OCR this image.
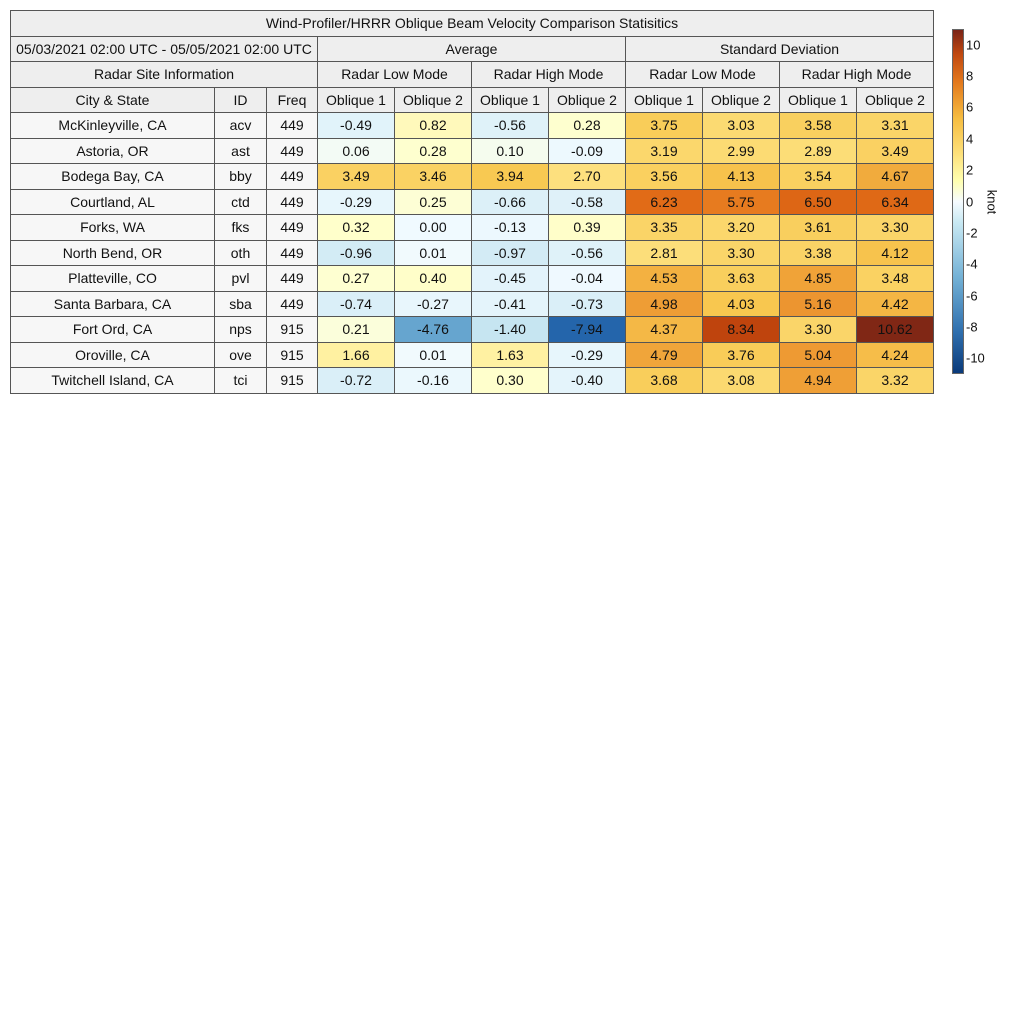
Wind-Profiler/HRRR Oblique Beam Velocity Comparison Statisitics										
05/03/2021 02:00 UTC - 05/05/2021 02:00 UTC			Average				Standard Deviation			
Radar Site Information			Radar Low Mode		Radar High Mode		Radar Low Mode		Radar High Mode	
City & State	ID	Freq	Oblique 1	Oblique 2	Oblique 1	Oblique 2	Oblique 1	Oblique 2	Oblique 1	Oblique 2
McKinleyville, CA	acv	449	-0.49	0.82	-0.56	0.28	3.75	3.03	3.58	3.31
Astoria, OR	ast	449	0.06	0.28	0.10	-0.09	3.19	2.99	2.89	3.49
Bodega Bay, CA	bby	449	3.49	3.46	3.94	2.70	3.56	4.13	3.54	4.67
Courtland, AL	ctd	449	-0.29	0.25	-0.66	-0.58	6.23	5.75	6.50	6.34
Forks, WA	fks	449	0.32	0.00	-0.13	0.39	3.35	3.20	3.61	3.30
North Bend, OR	oth	449	-0.96	0.01	-0.97	-0.56	2.81	3.30	3.38	4.12
Platteville, CO	pvl	449	0.27	0.40	-0.45	-0.04	4.53	3.63	4.85	3.48
Santa Barbara, CA	sba	449	-0.74	-0.27	-0.41	-0.73	4.98	4.03	5.16	4.42
Fort Ord, CA	nps	915	0.21	-4.76	-1.40	-7.94	4.37	8.34	3.30	10.62
Oroville, CA	ove	915	1.66	0.01	1.63	-0.29	4.79	3.76	5.04	4.24
Twitchell Island, CA	tci	915	-0.72	-0.16	0.30	-0.40	3.68	3.08	4.94	3.32
10
8
6
4
2
0
-2
-4
-6
-8
-10
knot
